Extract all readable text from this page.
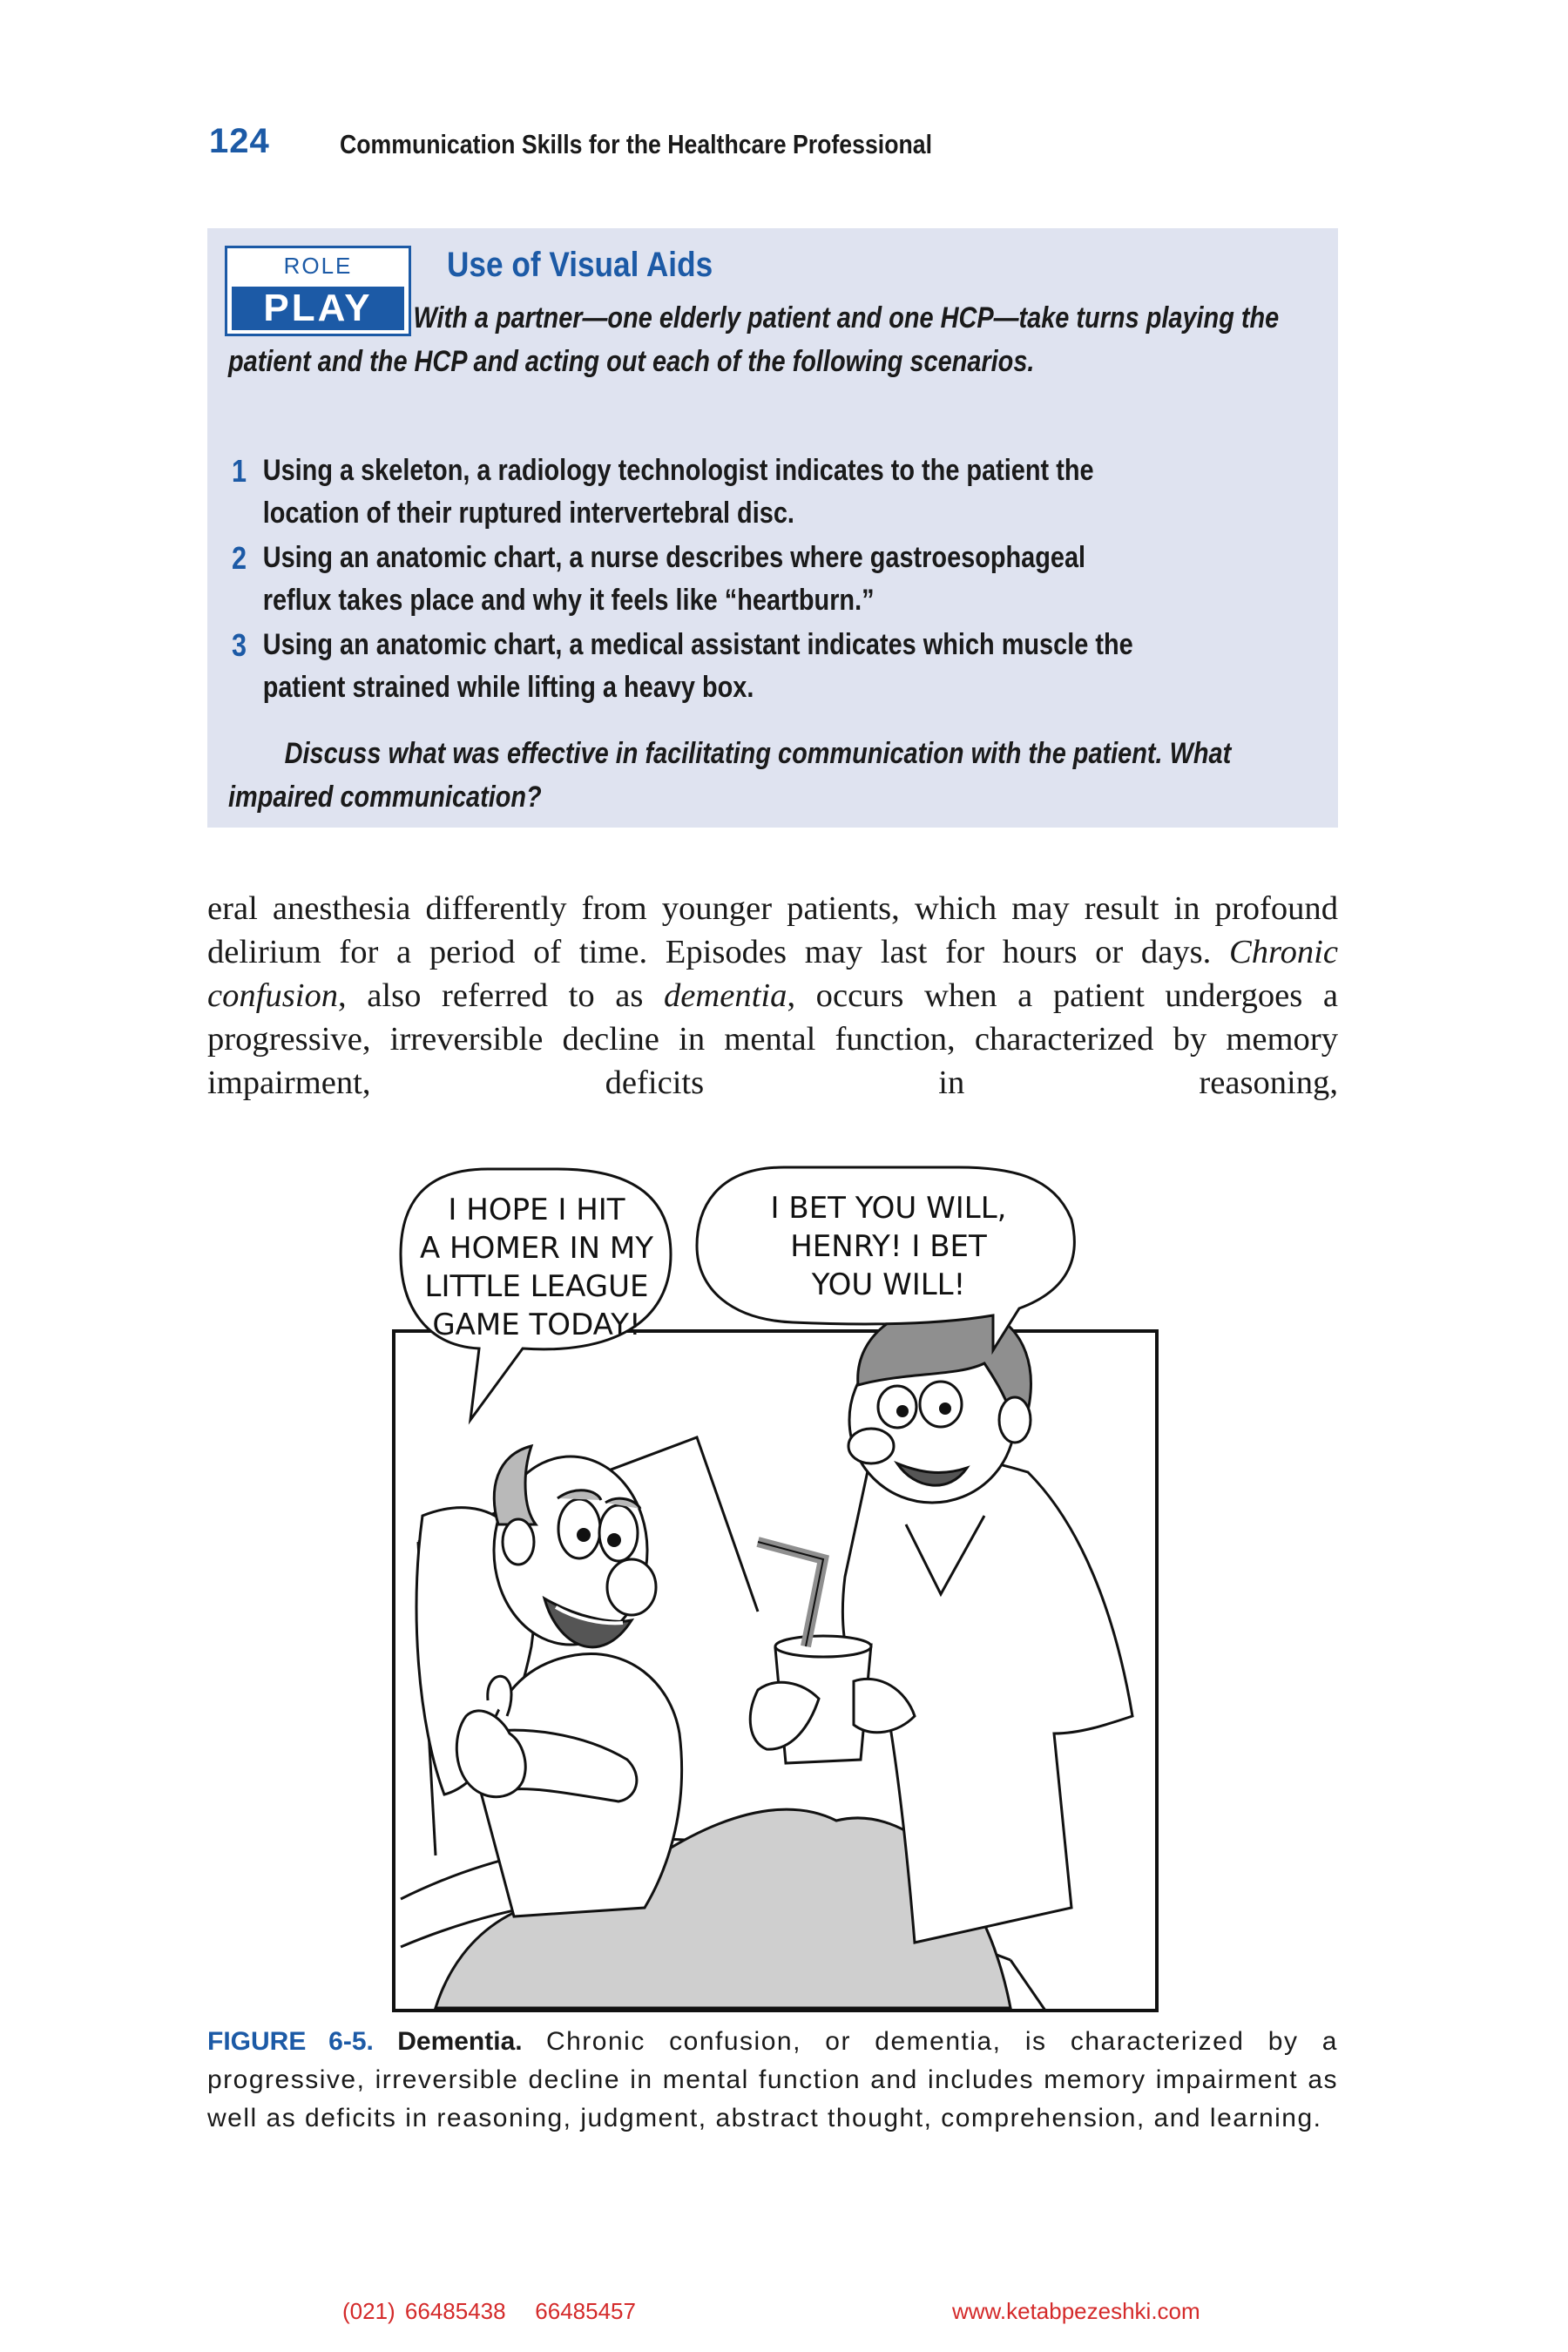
124	Communication Skills for the Healthcare Professional
ROLE
PLAY
Use of Visual Aids
With a partner—one elderly patient and one HCP—take turns playing the patient and the HCP and acting out each of the following scenarios.
1 Using a skeleton, a radiology technologist indicates to the patient the
location of their ruptured intervertebral disc.
2 Using an anatomic chart, a nurse describes where gastroesophageal
reflux takes place and why it feels like “heartburn.”
3 Using an anatomic chart, a medical assistant indicates which muscle the
patient strained while lifting a heavy box.
Discuss what was effective in facilitating communication with the patient. What impaired communication?
eral anesthesia differently from younger patients, which may result in profound delirium for a period of time. Episodes may last for hours or days. Chronic confusion, also referred to as dementia, occurs when a patient undergoes a progressive, irreversible decline in mental function, characterized by memory impairment, deficits in reasoning,
I HOPE I HIT
A HOMER IN MY
LITTLE LEAGUE
GAME TODAY!
I BET YOU WILL,
HENRY! I BET
YOU WILL!
FIGURE 6-5. Dementia. Chronic confusion, or dementia, is characterized by a progressive, irreversible decline in mental function and includes memory impairment as well as deficits in reasoning, judgment, abstract thought, comprehension, and learning.
(021) 66485438   66485457	www.ketabpezeshki.com
